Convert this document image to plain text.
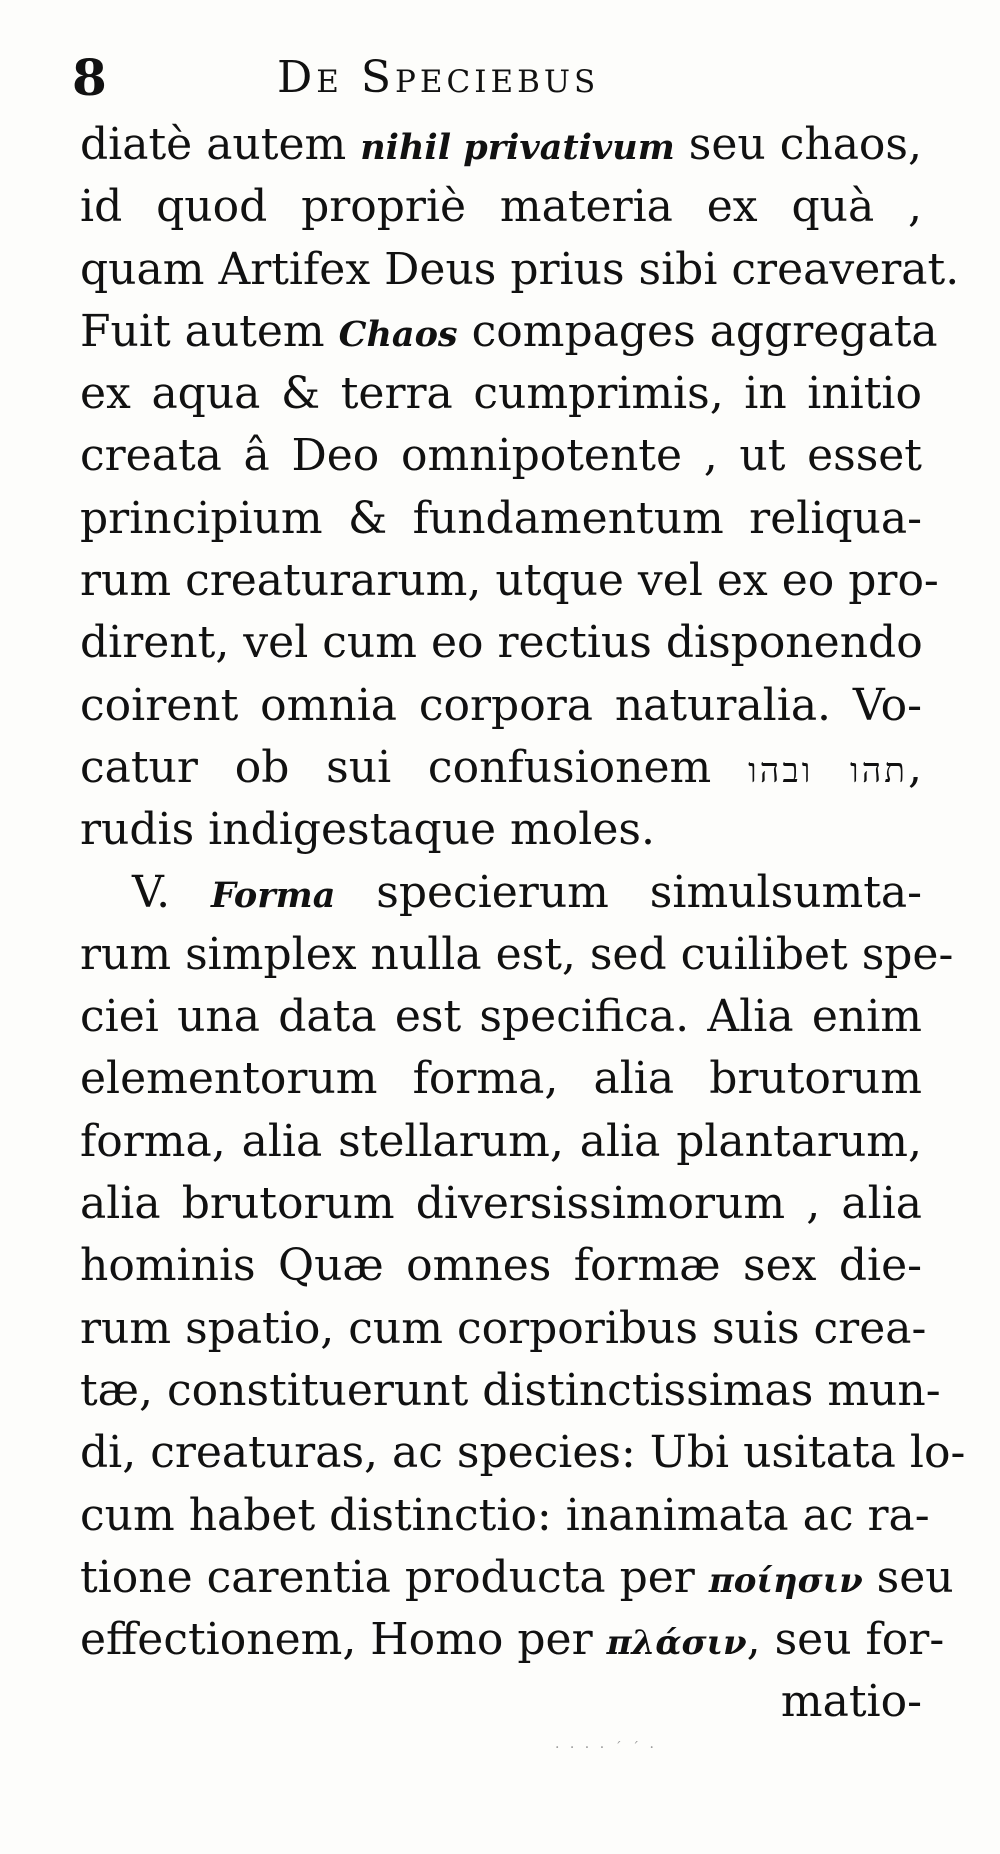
8	De Speciebus
diatè autem nihil privativum seu chaos,
id quod propriè materia ex quà ,
quam Artifex Deus prius sibi creaverat.
Fuit autem Chaos compages aggregata
ex aqua & terra cumprimis, in initio
creata â Deo omnipotente , ut esset
principium & fundamentum reliqua-
rum creaturarum, utque vel ex eo pro-
dirent, vel cum eo rectius disponendo
coirent omnia corpora naturalia. Vo-
catur ob sui confusionem תהו ובהו,
rudis indigestaque moles.
V. Forma specierum simulsumta-
rum simplex nulla est, sed cuilibet spe-
ciei una data est specifica. Alia enim
elementorum forma, alia brutorum
forma, alia stellarum, alia plantarum,
alia brutorum diversissimorum , alia
hominis Quæ omnes formæ sex die-
rum spatio, cum corporibus suis crea-
tæ, constituerunt distinctissimas mun-
di, creaturas, ac species: Ubi usitata lo-
cum habet distinctio: inanimata ac ra-
tione carentia producta per ποίησιν seu
effectionem, Homo per πλάσιν, seu for-
matio-
· · · · ˊ ˊ ·
